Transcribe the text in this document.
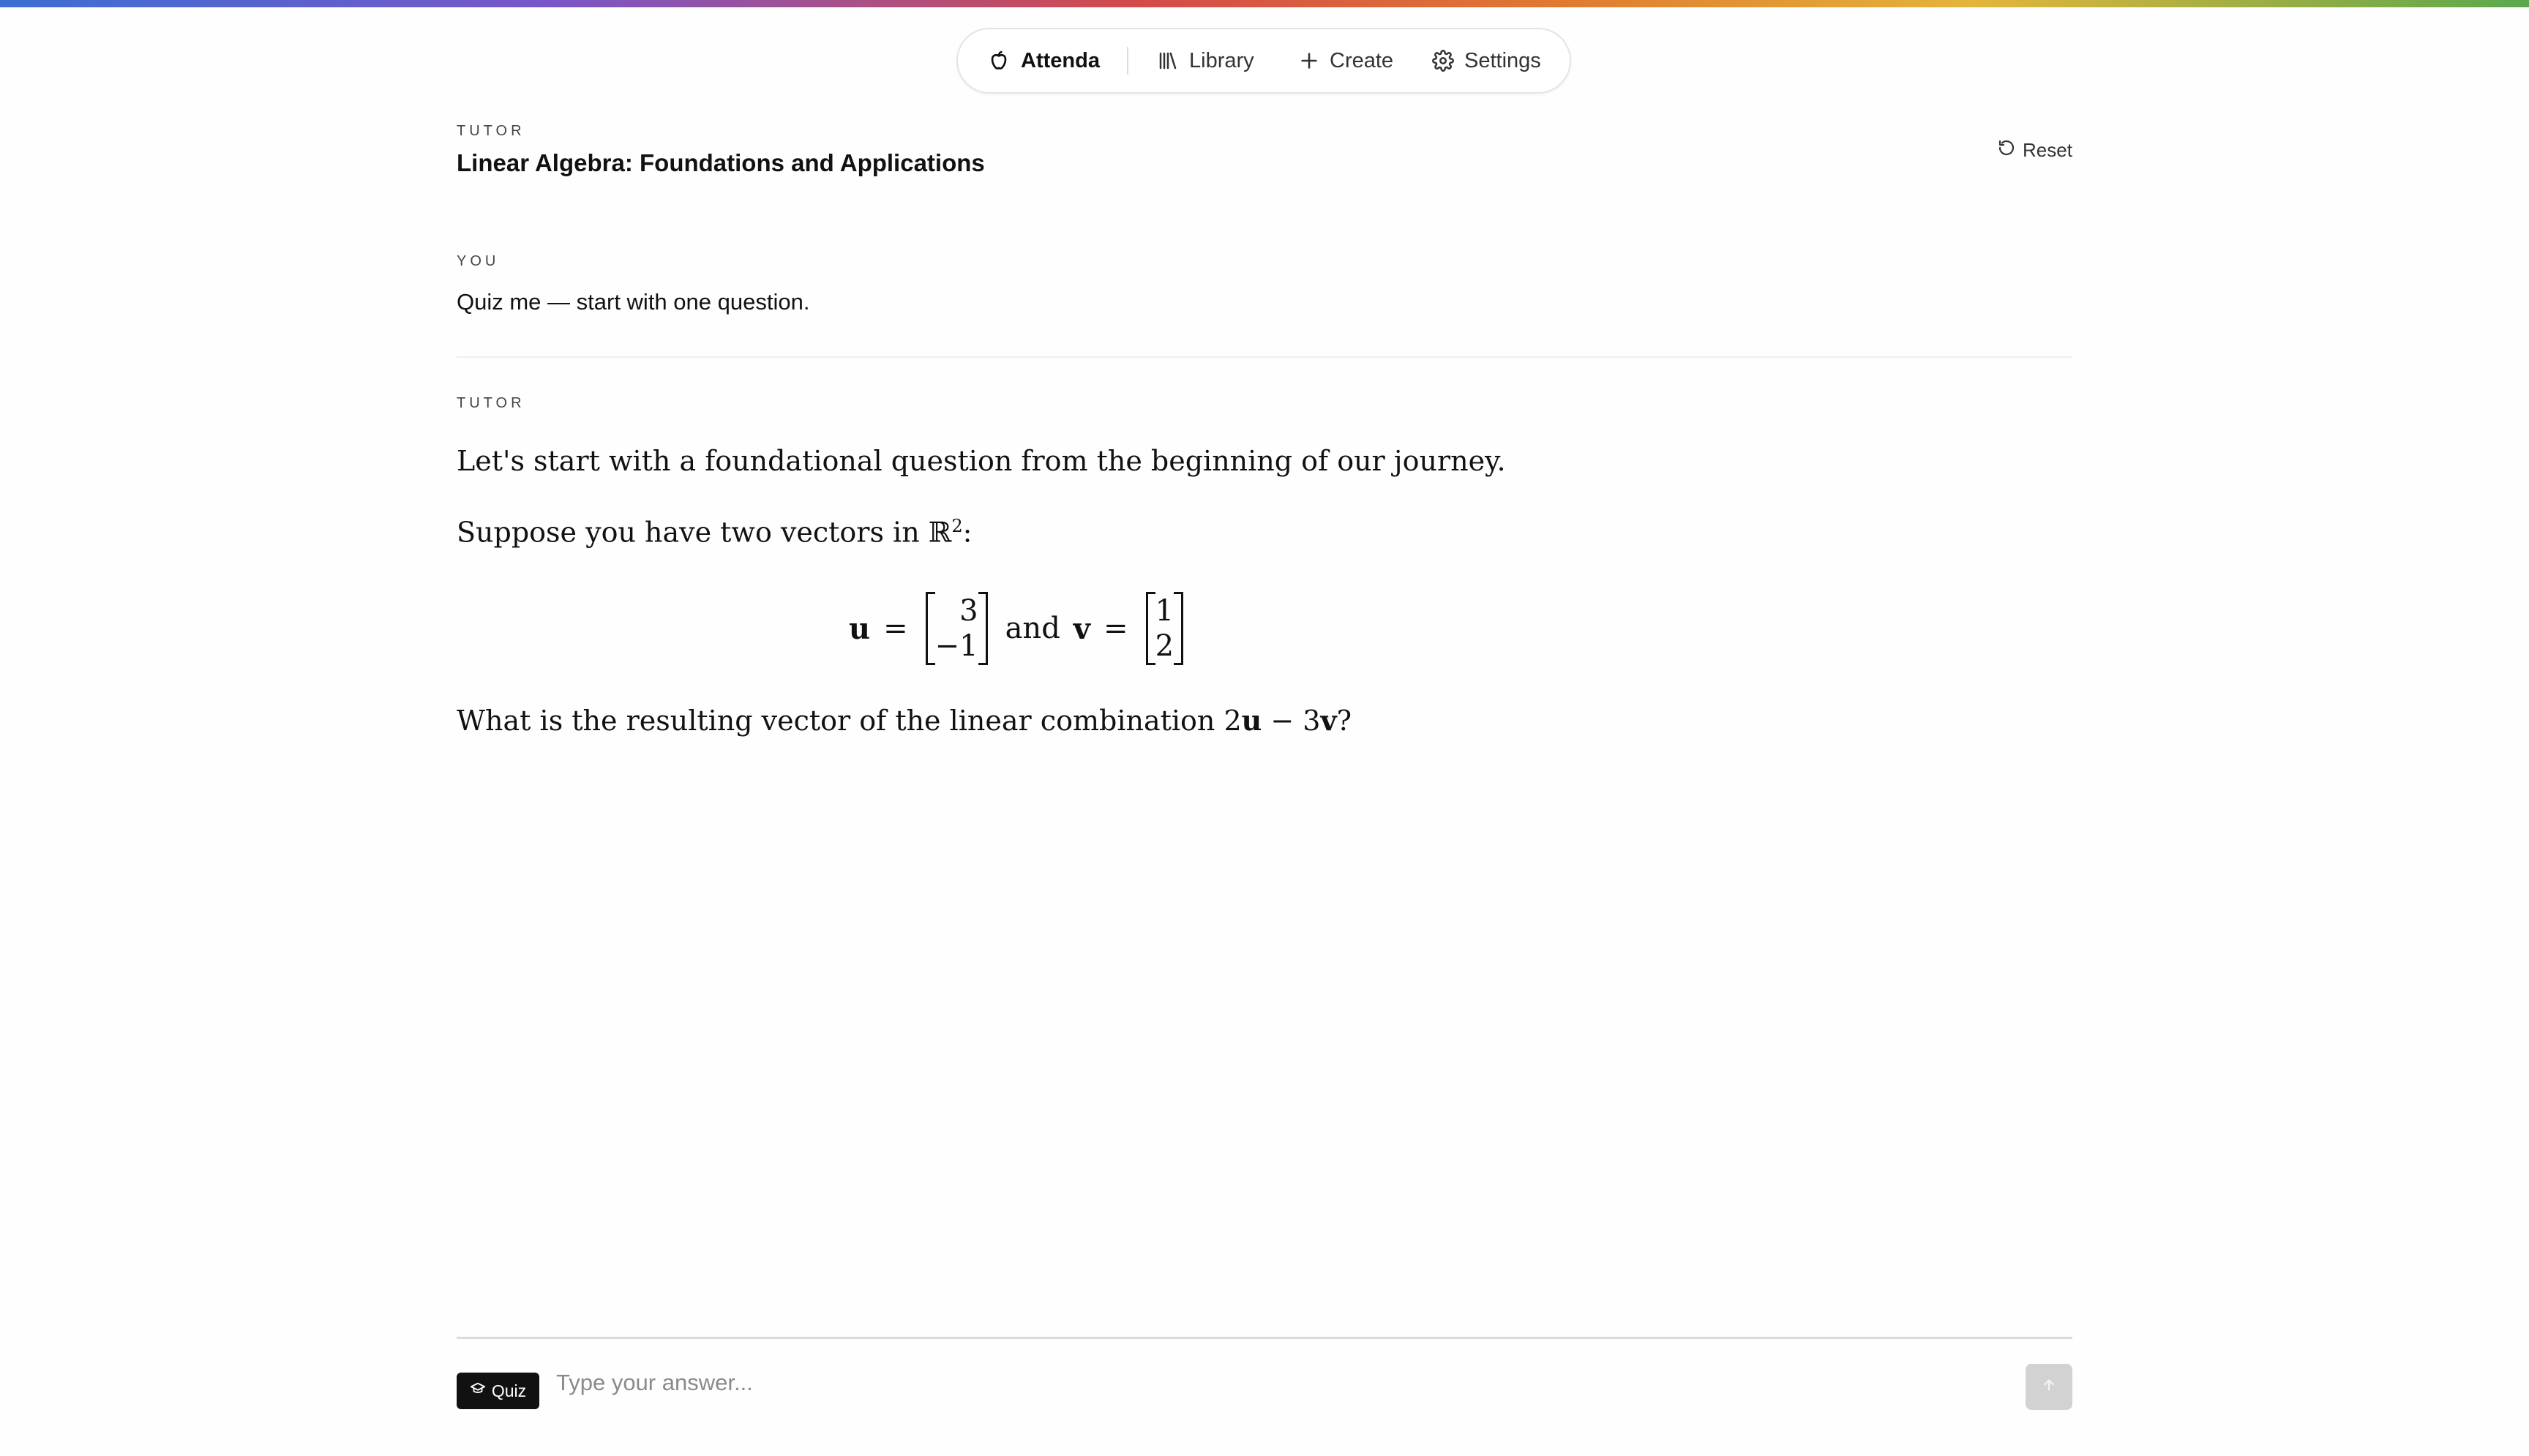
Attenda	Library	Create	Settings
TUTOR
Linear Algebra: Foundations and Applications	Reset
YOU
Quiz me — start with one question.
TUTOR
Let's start with a foundational question from the beginning of our journey.
Suppose you have two vectors in ℝ$^2$:
u =
3
−1
and v =
1
2
What is the resulting vector of the linear combination 2u − 3v?
Quiz
Type your answer...
